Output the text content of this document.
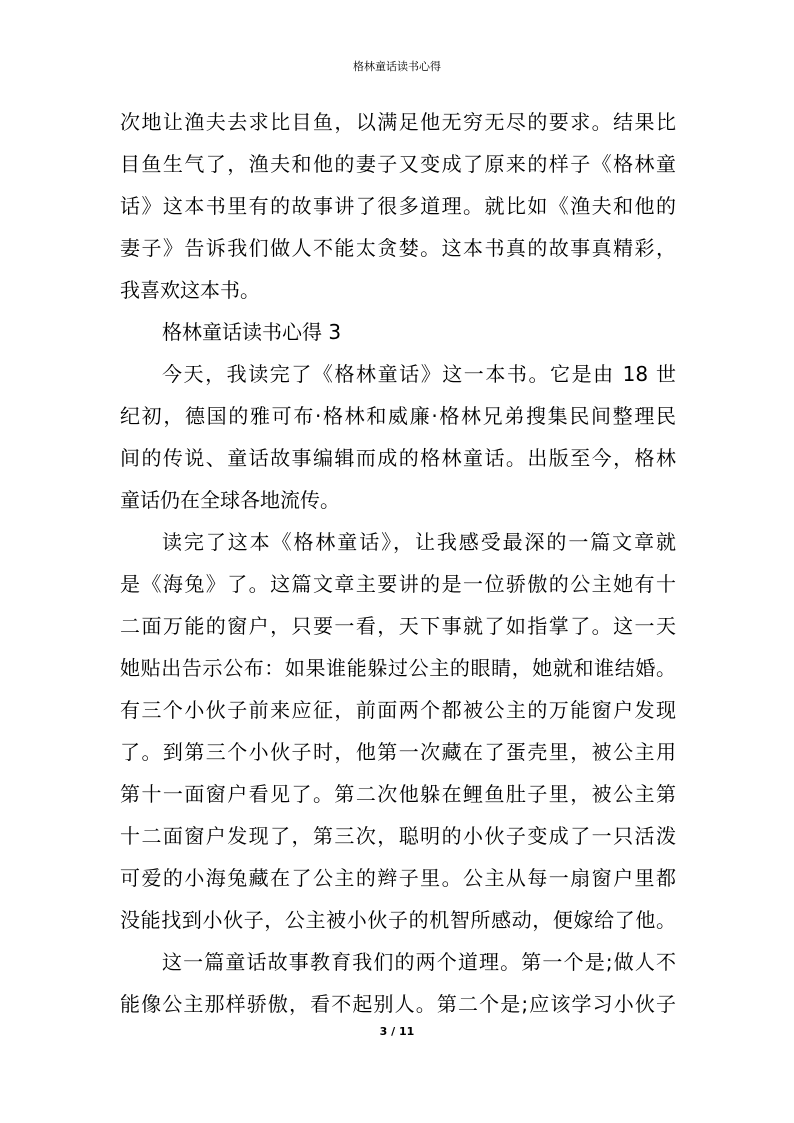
格林童话读书心得
次地让渔夫去求比目鱼，以满足他无穷无尽的要求。结果比
目鱼生气了，渔夫和他的妻子又变成了原来的样子《格林童
话》这本书里有的故事讲了很多道理。就比如《渔夫和他的
妻子》告诉我们做人不能太贪婪。这本书真的故事真精彩，
我喜欢这本书。
格林童话读书心得 3
今天，我读完了《格林童话》这一本书。它是由 18 世
纪初，德国的雅可布·格林和威廉·格林兄弟搜集民间整理民
间的传说、童话故事编辑而成的格林童话。出版至今，格林
童话仍在全球各地流传。
读完了这本《格林童话》，让我感受最深的一篇文章就
是《海兔》了。这篇文章主要讲的是一位骄傲的公主她有十
二面万能的窗户，只要一看，天下事就了如指掌了。这一天
她贴出告示公布：如果谁能躲过公主的眼睛，她就和谁结婚。
有三个小伙子前来应征，前面两个都被公主的万能窗户发现
了。到第三个小伙子时，他第一次藏在了蛋壳里，被公主用
第十一面窗户看见了。第二次他躲在鲤鱼肚子里，被公主第
十二面窗户发现了，第三次，聪明的小伙子变成了一只活泼
可爱的小海兔藏在了公主的辫子里。公主从每一扇窗户里都
没能找到小伙子，公主被小伙子的机智所感动，便嫁给了他。
这一篇童话故事教育我们的两个道理。第一个是;做人不
能像公主那样骄傲，看不起别人。第二个是;应该学习小伙子
3 / 11
